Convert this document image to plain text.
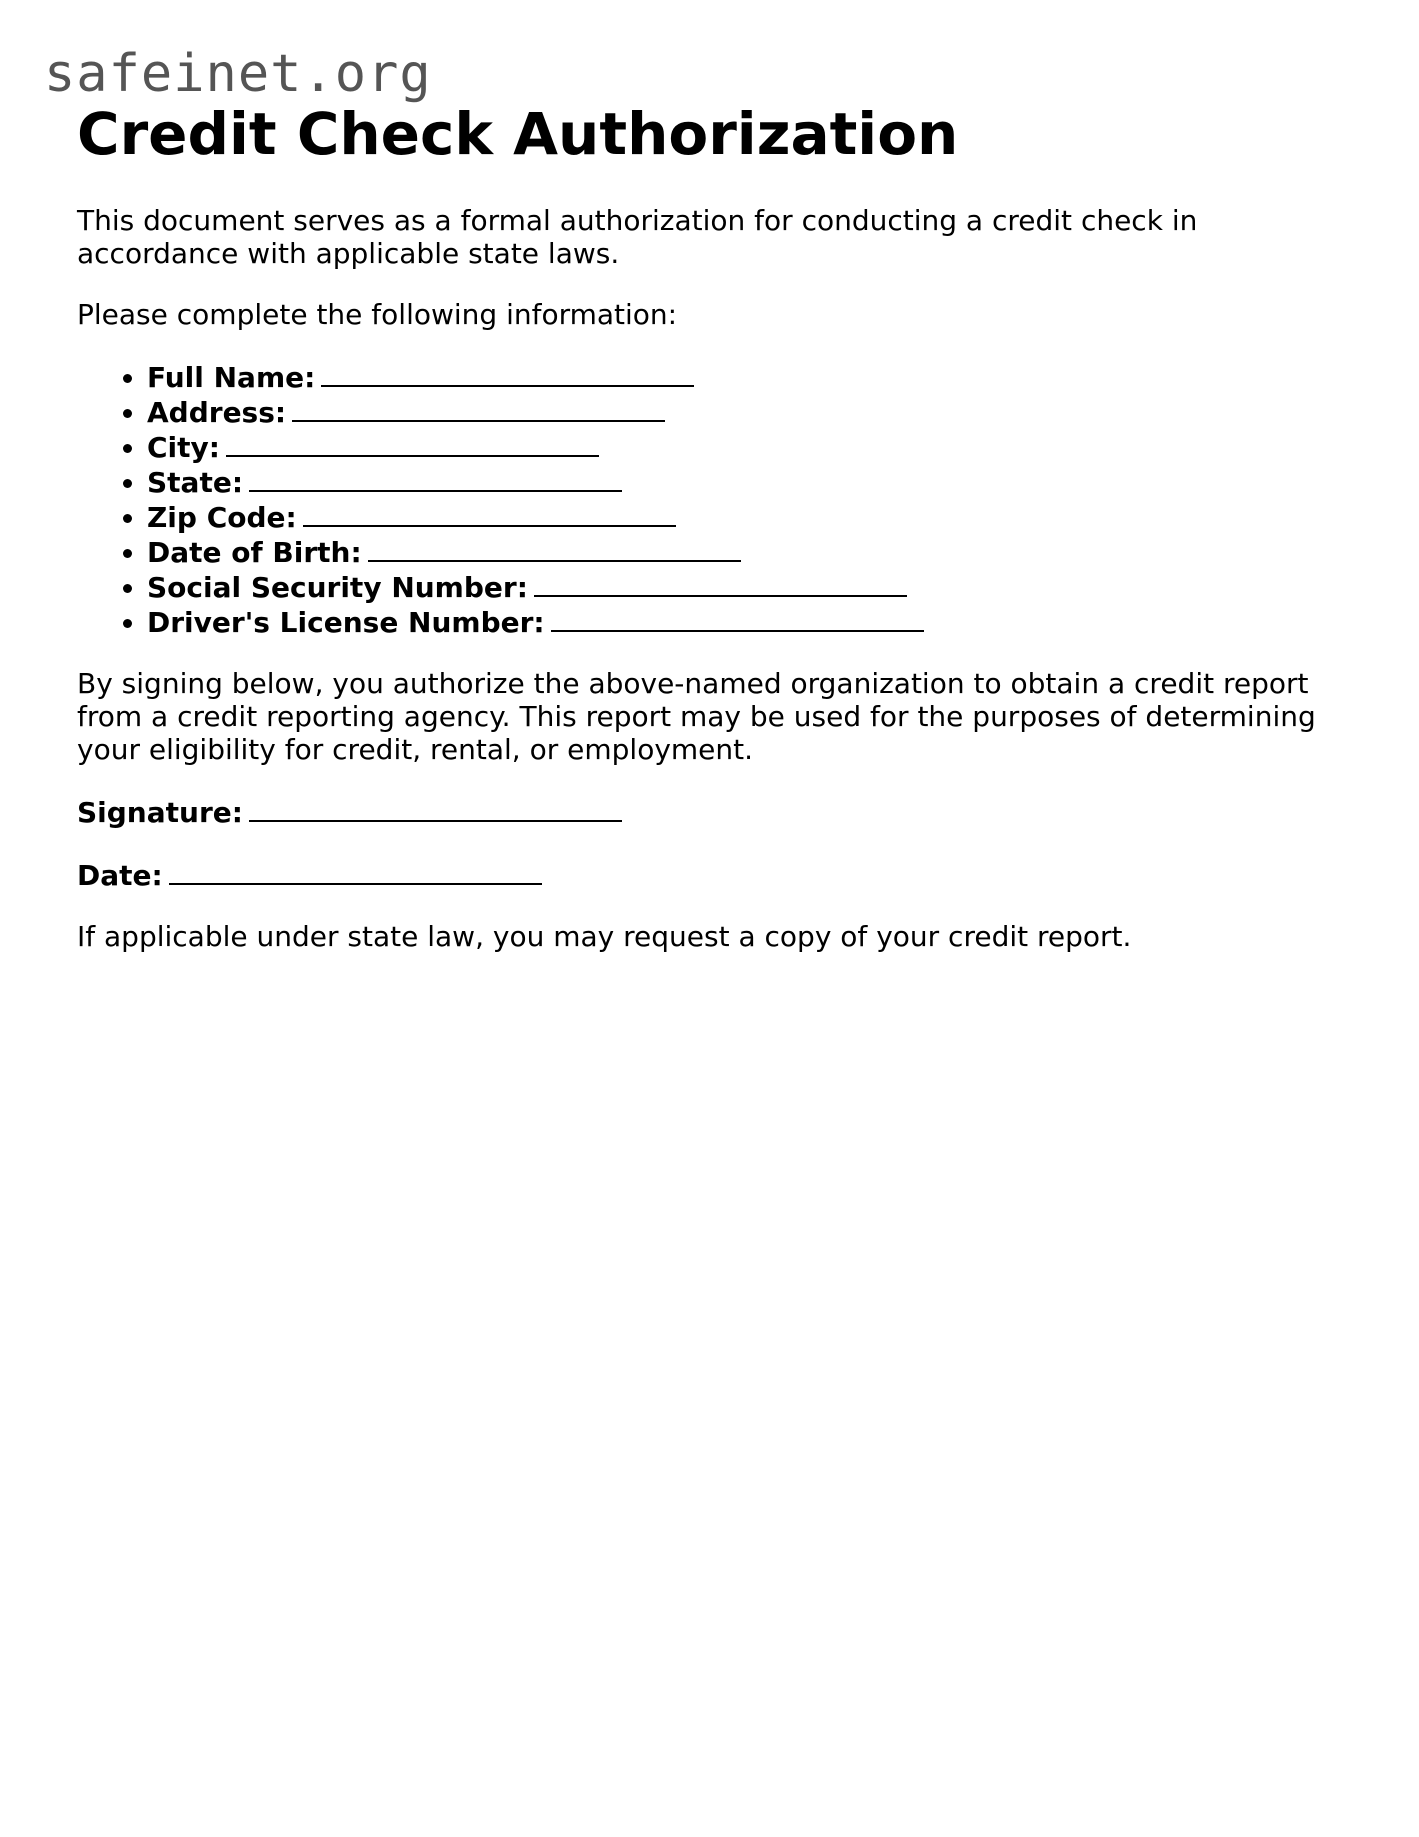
safeinet.org
Credit Check Authorization

This document serves as a formal authorization for conducting a credit check in accordance with applicable state laws.

Please complete the following information:

• Full Name:
• Address:
• City:
• State:
• Zip Code:
• Date of Birth:
• Social Security Number:
• Driver's License Number:

By signing below, you authorize the above-named organization to obtain a credit report from a credit reporting agency. This report may be used for the purposes of determining your eligibility for credit, rental, or employment.

Signature:

Date:

If applicable under state law, you may request a copy of your credit report.
